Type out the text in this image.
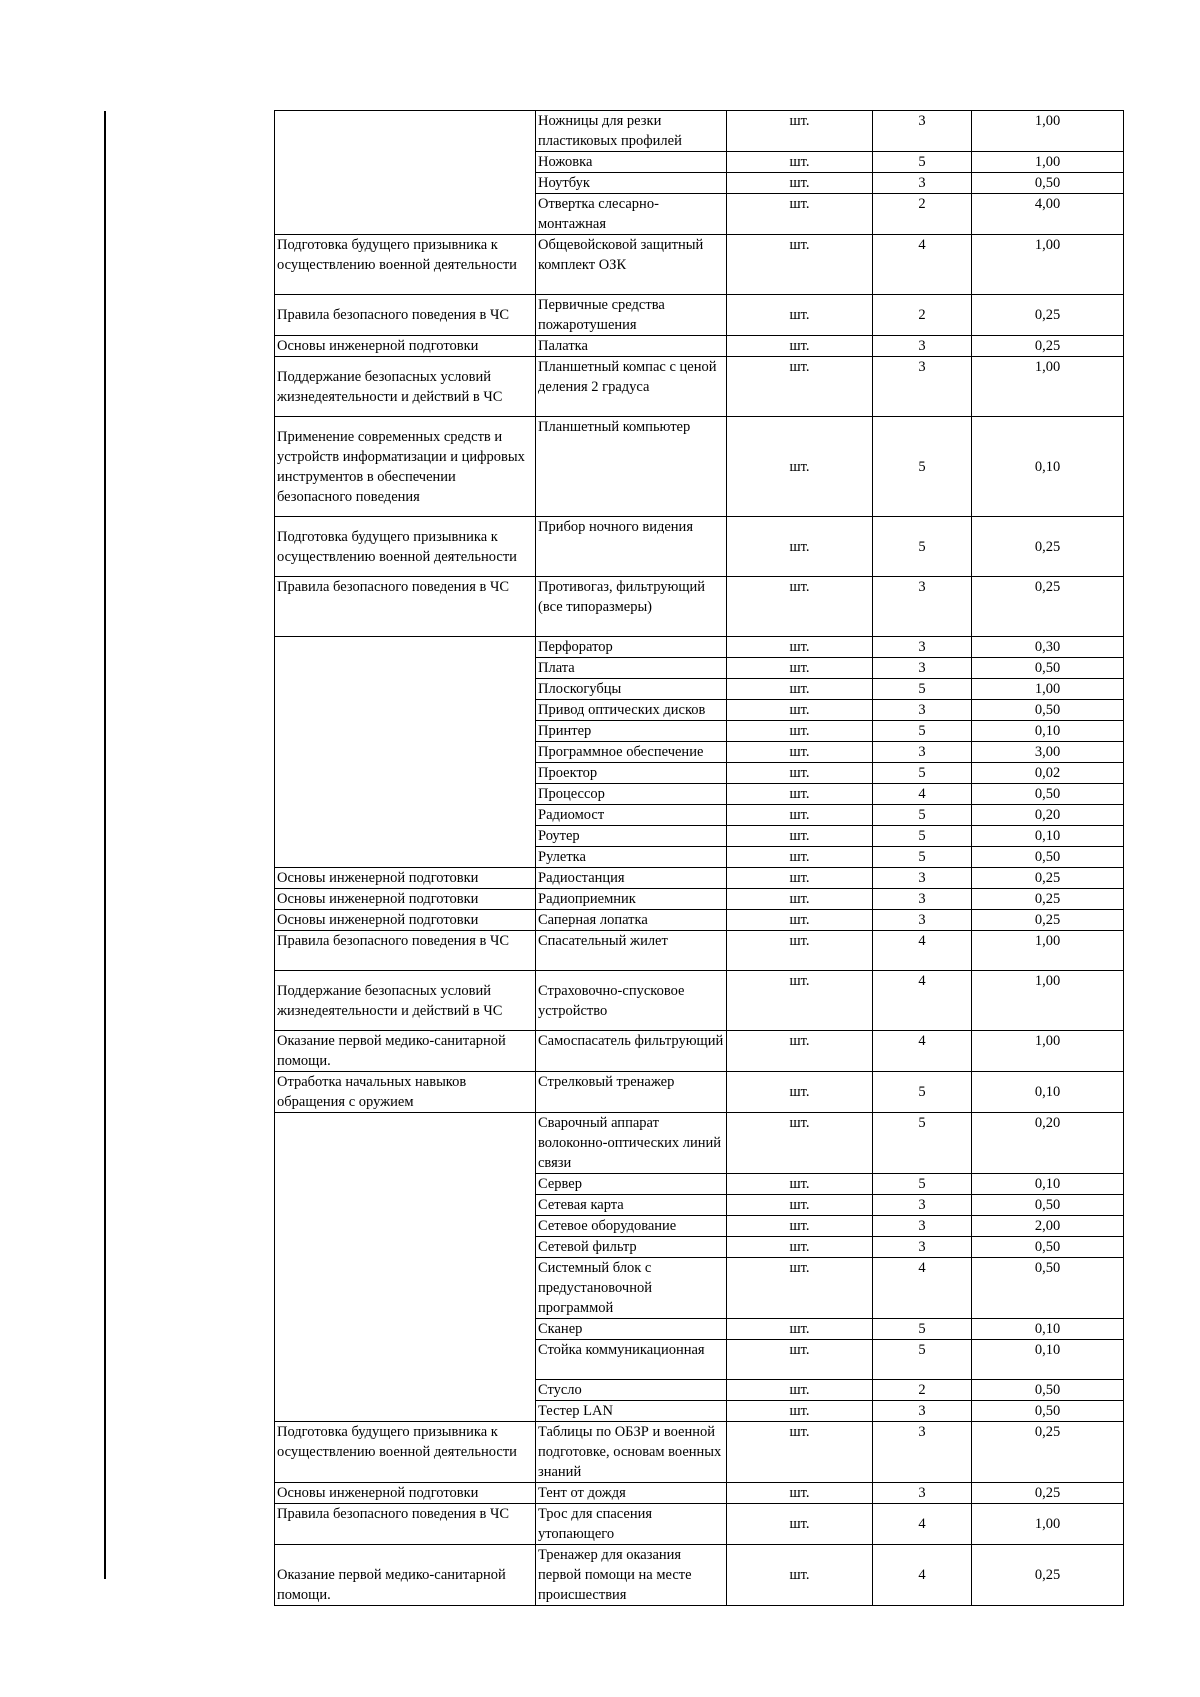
	Ножницы для резки пластиковых профилей	шт.	3	1,00
	Ножовка	шт.	5	1,00
	Ноутбук	шт.	3	0,50
	Отвертка слесарно-монтажная	шт.	2	4,00
Подготовка будущего призывника к осуществлению военной деятельности	Общевойсковой защитный комплект ОЗК	шт.	4	1,00
Правила безопасного поведения в ЧС	Первичные средства пожаротушения	шт.	2	0,25
Основы инженерной подготовки	Палатка	шт.	3	0,25
Поддержание безопасных условий жизнедеятельности и действий в ЧС	Планшетный компас с ценой деления 2 градуса	шт.	3	1,00
Применение современных средств и устройств информатизации и цифровых инструментов в обеспечении безопасного поведения	Планшетный компьютер	шт.	5	0,10
Подготовка будущего призывника к осуществлению военной деятельности	Прибор ночного видения	шт.	5	0,25
Правила безопасного поведения в ЧС	Противогаз, фильтрующий (все типоразмеры)	шт.	3	0,25
	Перфоратор	шт.	3	0,30
	Плата	шт.	3	0,50
	Плоскогубцы	шт.	5	1,00
	Привод оптических дисков	шт.	3	0,50
	Принтер	шт.	5	0,10
	Программное обеспечение	шт.	3	3,00
	Проектор	шт.	5	0,02
	Процессор	шт.	4	0,50
	Радиомост	шт.	5	0,20
	Роутер	шт.	5	0,10
	Рулетка	шт.	5	0,50
Основы инженерной подготовки	Радиостанция	шт.	3	0,25
Основы инженерной подготовки	Радиоприемник	шт.	3	0,25
Основы инженерной подготовки	Саперная лопатка	шт.	3	0,25
Правила безопасного поведения в ЧС	Спасательный жилет	шт.	4	1,00
Поддержание безопасных условий жизнедеятельности и действий в ЧС	Страховочно-спусковое устройство	шт.	4	1,00
Оказание первой медико-санитарной помощи.	Самоспасатель фильтрующий	шт.	4	1,00
Отработка начальных навыков обращения с оружием	Стрелковый тренажер	шт.	5	0,10
	Сварочный аппарат волоконно-оптических линий связи	шт.	5	0,20
	Сервер	шт.	5	0,10
	Сетевая карта	шт.	3	0,50
	Сетевое оборудование	шт.	3	2,00
	Сетевой фильтр	шт.	3	0,50
	Системный блок с предустановочной программой	шт.	4	0,50
	Сканер	шт.	5	0,10
	Стойка коммуникационная	шт.	5	0,10
	Стусло	шт.	2	0,50
	Тестер LAN	шт.	3	0,50
Подготовка будущего призывника к осуществлению военной деятельности	Таблицы по ОБЗР и военной подготовке, основам военных знаний	шт.	3	0,25
Основы инженерной подготовки	Тент от дождя	шт.	3	0,25
Правила безопасного поведения в ЧС	Трос для спасения утопающего	шт.	4	1,00
Оказание первой медико-санитарной помощи.	Тренажер для оказания первой помощи на месте происшествия	шт.	4	0,25
